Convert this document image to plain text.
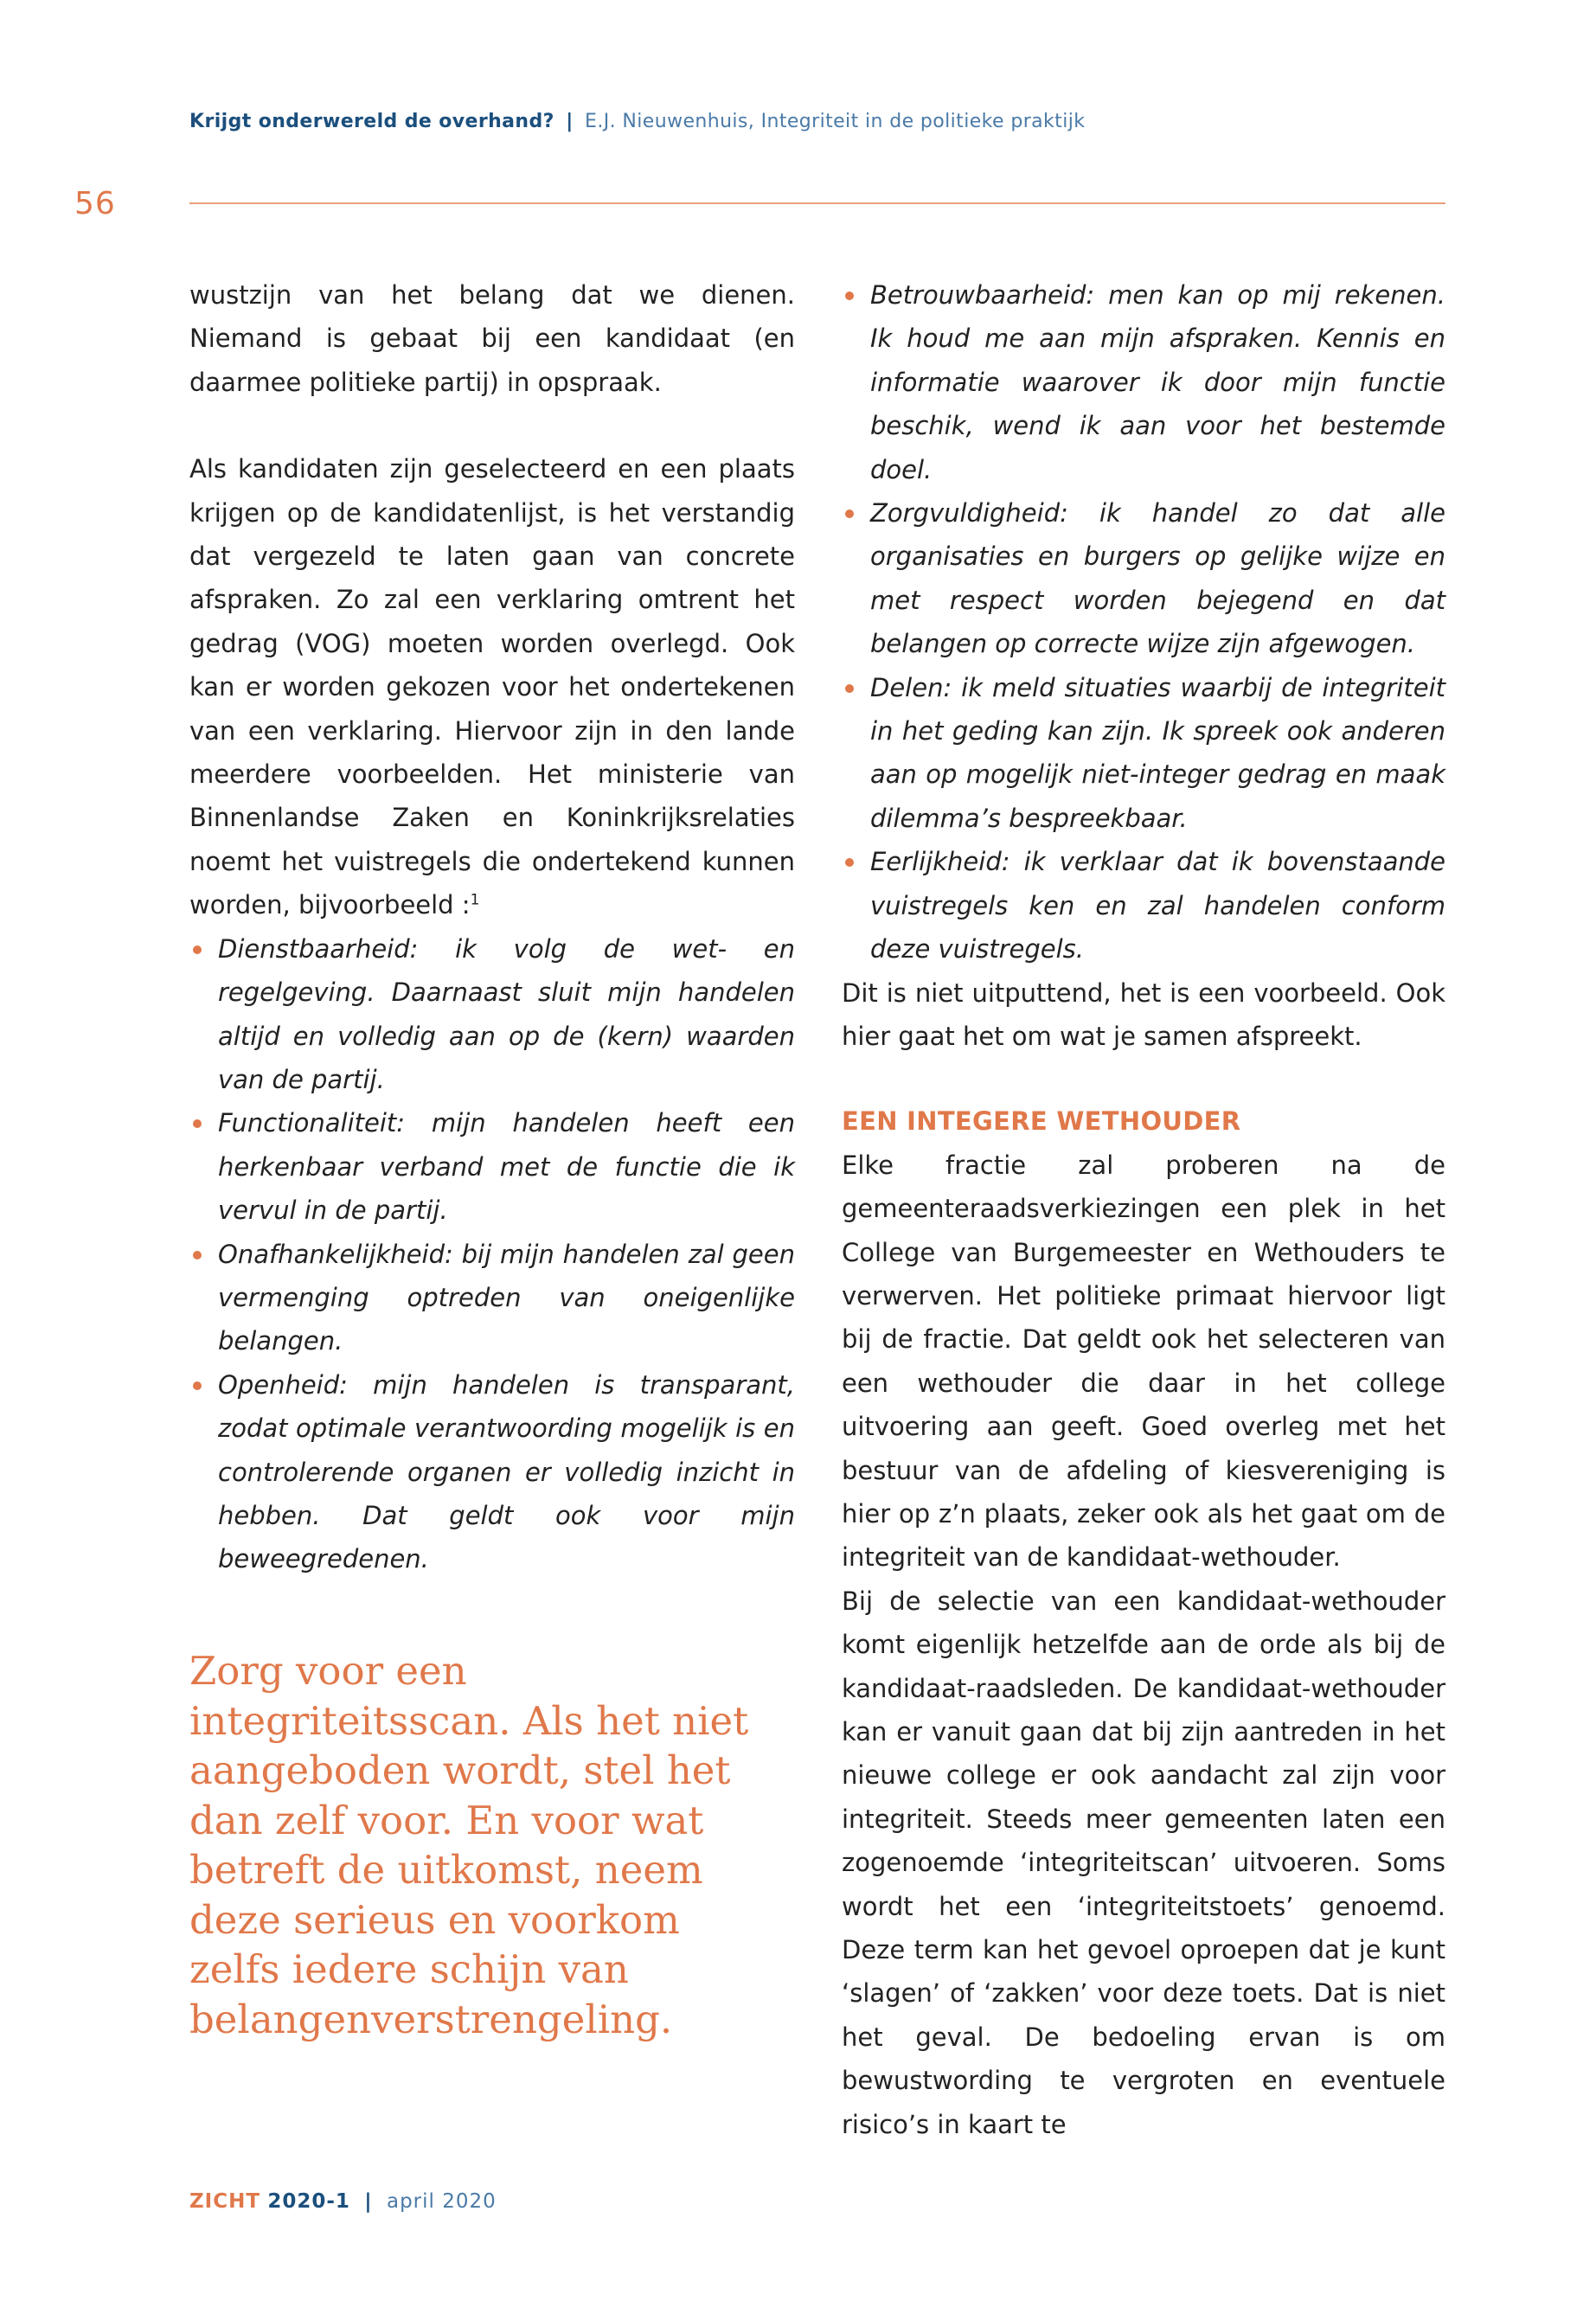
Krijgt onderwereld de overhand? | E.J. Nieuwenhuis, Integriteit in de politieke praktijk
56

wustzijn van het belang dat we dienen. Niemand is gebaat bij een kandidaat (en daarmee politieke partij) in opspraak.

Als kandidaten zijn geselecteerd en een plaats krijgen op de kandidatenlijst, is het verstandig dat vergezeld te laten gaan van concrete afspraken. Zo zal een verklaring omtrent het gedrag (VOG) moeten worden overlegd. Ook kan er worden gekozen voor het ondertekenen van een verklaring. Hiervoor zijn in den lande meerdere voorbeelden. Het ministerie van Binnenlandse Zaken en Koninkrijksrelaties noemt het vuistregels die ondertekend kunnen worden, bijvoorbeeld :$^1$

Dienstbaarheid: ik volg de wet- en regelgeving. Daarnaast sluit mijn handelen altijd en volledig aan op de (kern) waarden van de partij.
Functionaliteit: mijn handelen heeft een herkenbaar verband met de functie die ik vervul in de partij.
Onafhankelijkheid: bij mijn handelen zal geen vermenging optreden van oneigenlijke belangen.
Openheid: mijn handelen is transparant, zodat optimale verantwoording mogelijk is en controlerende organen er volledig inzicht in hebben. Dat geldt ook voor mijn beweegredenen.
Zorg voor een integriteitsscan. Als het niet aangeboden wordt, stel het dan zelf voor. En voor wat betreft de uitkomst, neem deze serieus en voorkom zelfs iedere schijn van belangenverstrengeling.
Betrouwbaarheid: men kan op mij rekenen. Ik houd me aan mijn afspraken. Kennis en informatie waarover ik door mijn functie beschik, wend ik aan voor het bestemde doel.
Zorgvuldigheid: ik handel zo dat alle organisaties en burgers op gelijke wijze en met respect worden bejegend en dat belangen op correcte wijze zijn afgewogen.
Delen: ik meld situaties waarbij de integriteit in het geding kan zijn. Ik spreek ook anderen aan op mogelijk niet-integer gedrag en maak dilemma’s bespreekbaar.
Eerlijkheid: ik verklaar dat ik bovenstaande vuistregels ken en zal handelen conform deze vuistregels.

Dit is niet uitputtend, het is een voorbeeld. Ook hier gaat het om wat je samen afspreekt.

EEN INTEGERE WETHOUDER

Elke fractie zal proberen na de gemeenteraadsverkiezingen een plek in het College van Burgemeester en Wethouders te verwerven. Het politieke primaat hiervoor ligt bij de fractie. Dat geldt ook het selecteren van een wethouder die daar in het college uitvoering aan geeft. Goed overleg met het bestuur van de afdeling of kiesvereniging is hier op z’n plaats, zeker ook als het gaat om de integriteit van de kandidaat-wethouder.

Bij de selectie van een kandidaat-wethouder komt eigenlijk hetzelfde aan de orde als bij de kandidaat-raadsleden. De kandidaat-wethouder kan er vanuit gaan dat bij zijn aantreden in het nieuwe college er ook aandacht zal zijn voor integriteit. Steeds meer gemeenten laten een zogenoemde ‘integriteitscan’ uitvoeren. Soms wordt het een ‘integriteitstoets’ genoemd. Deze term kan het gevoel oproepen dat je kunt ‘slagen’ of ‘zakken’ voor deze toets. Dat is niet het geval. De bedoeling ervan is om bewustwording te vergroten en eventuele risico’s in kaart te

ZICHT 2020-1 | april 2020
